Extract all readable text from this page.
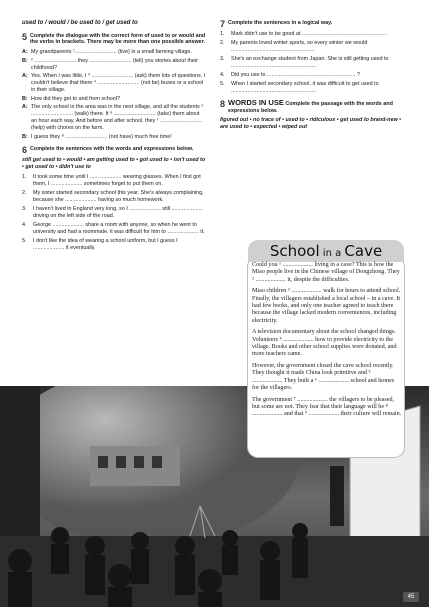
used to / would / be used to / get used to
5 Complete the dialogue with the correct form of used to or would and the verbs in brackets. There may be more than one possible answer.
A: My grandparents ¹............................ (live) in a small farming village.
B: ² ............................ they ............................ (tell) you stories about their childhood?
A: Yes. When I was little, I ³ ............................ (ask) them lots of questions. I couldn't believe that there ⁴ ............................ (not be) buses or a school in their village.
B: How did they get to and from school?
A: The only school in the area was in the next village, and all the students ⁵ ............................ (walk) there. It ⁶ ............................ (take) them about an hour each way. And before and after school, they ⁷ ............................ (help) with chores on the farm.
B: I guess they ⁸ ............................ (not have) much free time!
6 Complete the sentences with the words and expressions below.
still get used to • would • am getting used to • got used to • isn't used to • get used to • didn't use to
1.	It took some time until I ..................... wearing glasses. When I first got them, I ..................... sometimes forget to put them on.
2.	My sister started secondary school this year. She's always complaining, because she ..................... having so much homework.
3.	I haven't lived in England very long, so I ..................... still ..................... driving on the left side of the road.
4.	George ..................... share a room with anyone, so when he went to university and had a roommate, it was difficult for him to ..................... it.
5.	I don't like the idea of wearing a school uniform, but I guess I ..................... it eventually.
7 Complete the sentences in a logical way.
1.	Mark didn't use to be good at .........................................................
2.	My parents loved winter sports, so every winter we would ........................................................
3.	She's an exchange student from Japan. She is still getting used to .........................................................
4.	Did you use to ........................................................... ?
5.	When I started secondary school, it was difficult to get used to .........................................................
8 WORDS IN USE Complete the passage with the words and expressions below.
figured out • no trace of • used to • ridiculous • get used to brand-new • are used to • expected • wiped out
School in a Cave

Could you ¹ .................... living in a cave? This is how the Miao people live in the Chinese village of Dongzhong. They ² .................... it, despite the difficulties.

Miao children ³ .................... walk for hours to attend school. Finally, the villagers established a local school – in a cave. It had few books, and only one teacher agreed to teach there because the village lacked modern conveniences, including electricity.

A television documentary about the school changed things. Volunteers ⁴ .................... how to provide electricity to the village. Books and other school supplies were donated, and more teachers came.

However, the government closed the cave school recently. They thought it made China look primitive and ⁵ .................... They built a ⁶ .................... school and homes for the villagers.

The government ⁷ .................... the villagers to be pleased, but some are not. They fear that their language will be ⁸ .................... and that ⁹ .................... their culture will remain.

45
